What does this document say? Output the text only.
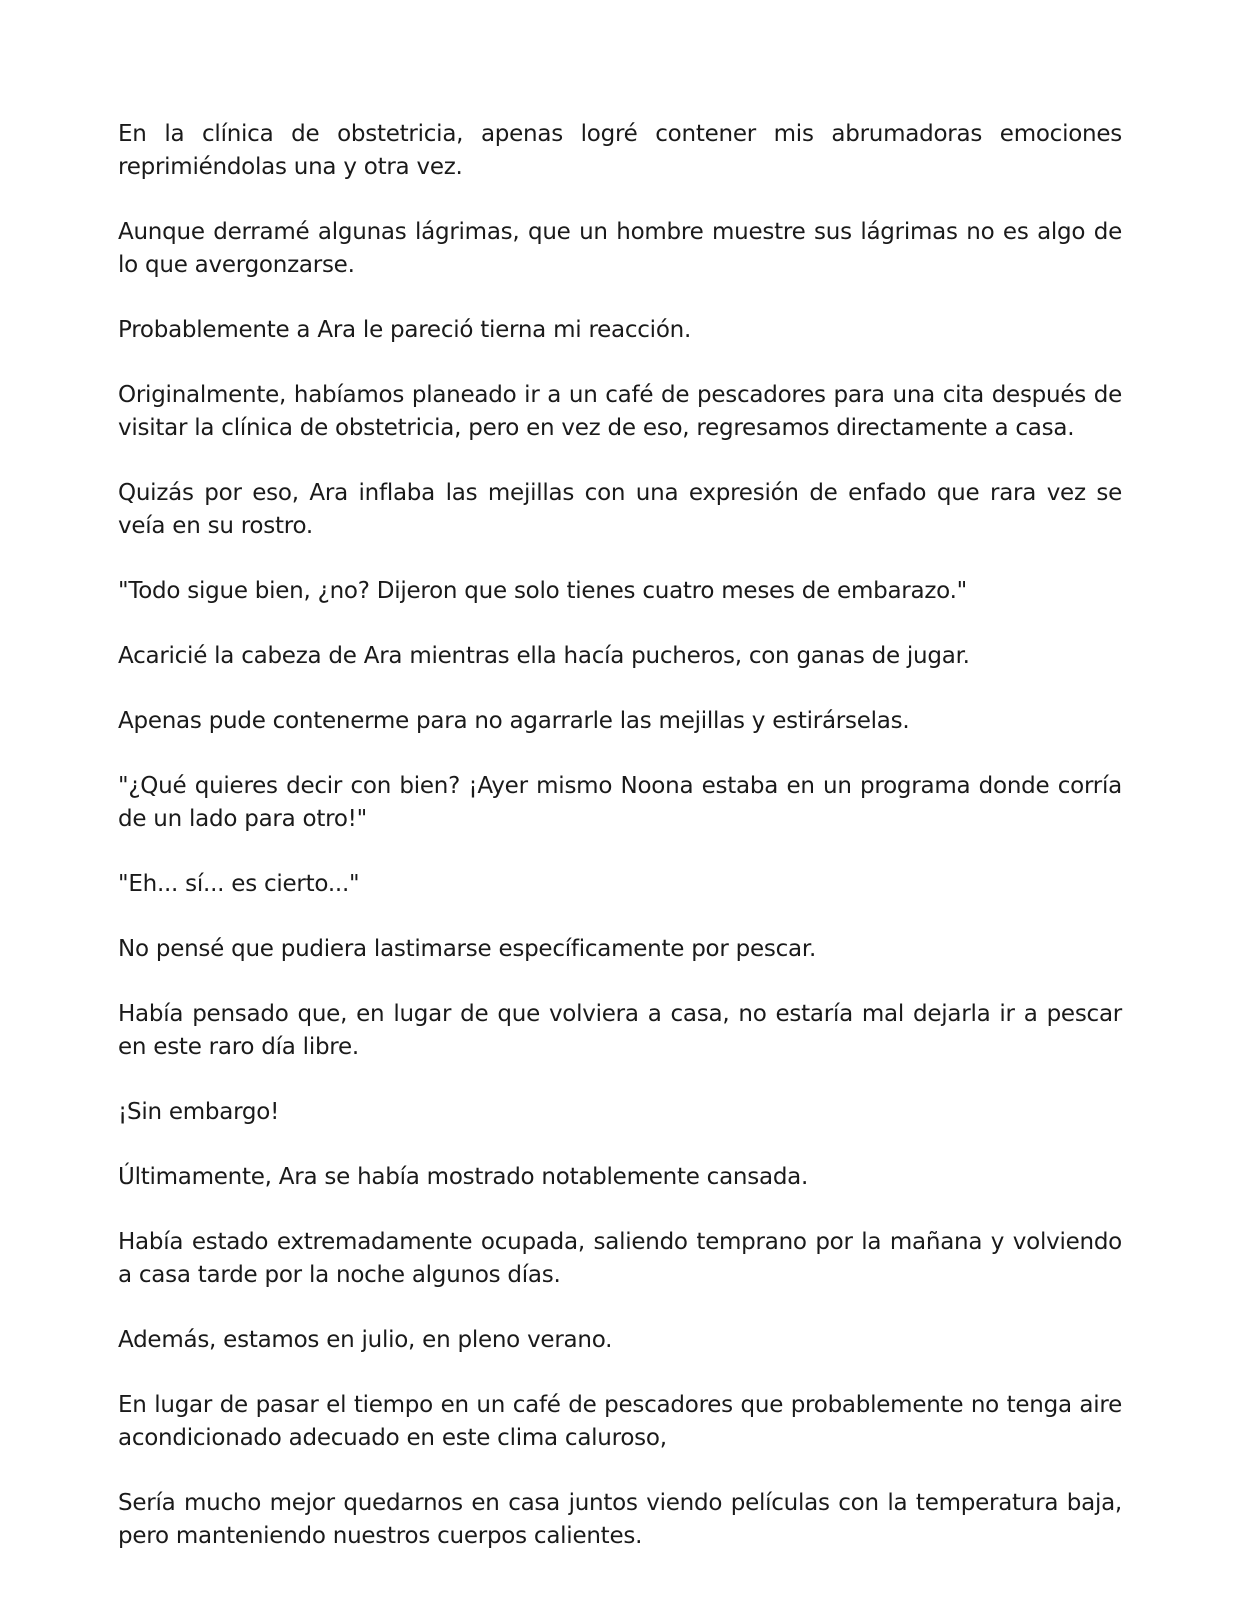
En la clínica de obstetricia, apenas logré contener mis abrumadoras emociones reprimiéndolas una y otra vez.

Aunque derramé algunas lágrimas, que un hombre muestre sus lágrimas no es algo de lo que avergonzarse.

Probablemente a Ara le pareció tierna mi reacción.

Originalmente, habíamos planeado ir a un café de pescadores para una cita después de visitar la clínica de obstetricia, pero en vez de eso, regresamos directamente a casa.

Quizás por eso, Ara inflaba las mejillas con una expresión de enfado que rara vez se veía en su rostro.

"Todo sigue bien, ¿no? Dijeron que solo tienes cuatro meses de embarazo."

Acaricié la cabeza de Ara mientras ella hacía pucheros, con ganas de jugar.

Apenas pude contenerme para no agarrarle las mejillas y estirárselas.

"¿Qué quieres decir con bien? ¡Ayer mismo Noona estaba en un programa donde corría de un lado para otro!"

"Eh... sí... es cierto..."

No pensé que pudiera lastimarse específicamente por pescar.

Había pensado que, en lugar de que volviera a casa, no estaría mal dejarla ir a pescar en este raro día libre.

¡Sin embargo!

Últimamente, Ara se había mostrado notablemente cansada.

Había estado extremadamente ocupada, saliendo temprano por la mañana y volviendo a casa tarde por la noche algunos días.

Además, estamos en julio, en pleno verano.

En lugar de pasar el tiempo en un café de pescadores que probablemente no tenga aire acondicionado adecuado en este clima caluroso,

Sería mucho mejor quedarnos en casa juntos viendo películas con la temperatura baja, pero manteniendo nuestros cuerpos calientes.
